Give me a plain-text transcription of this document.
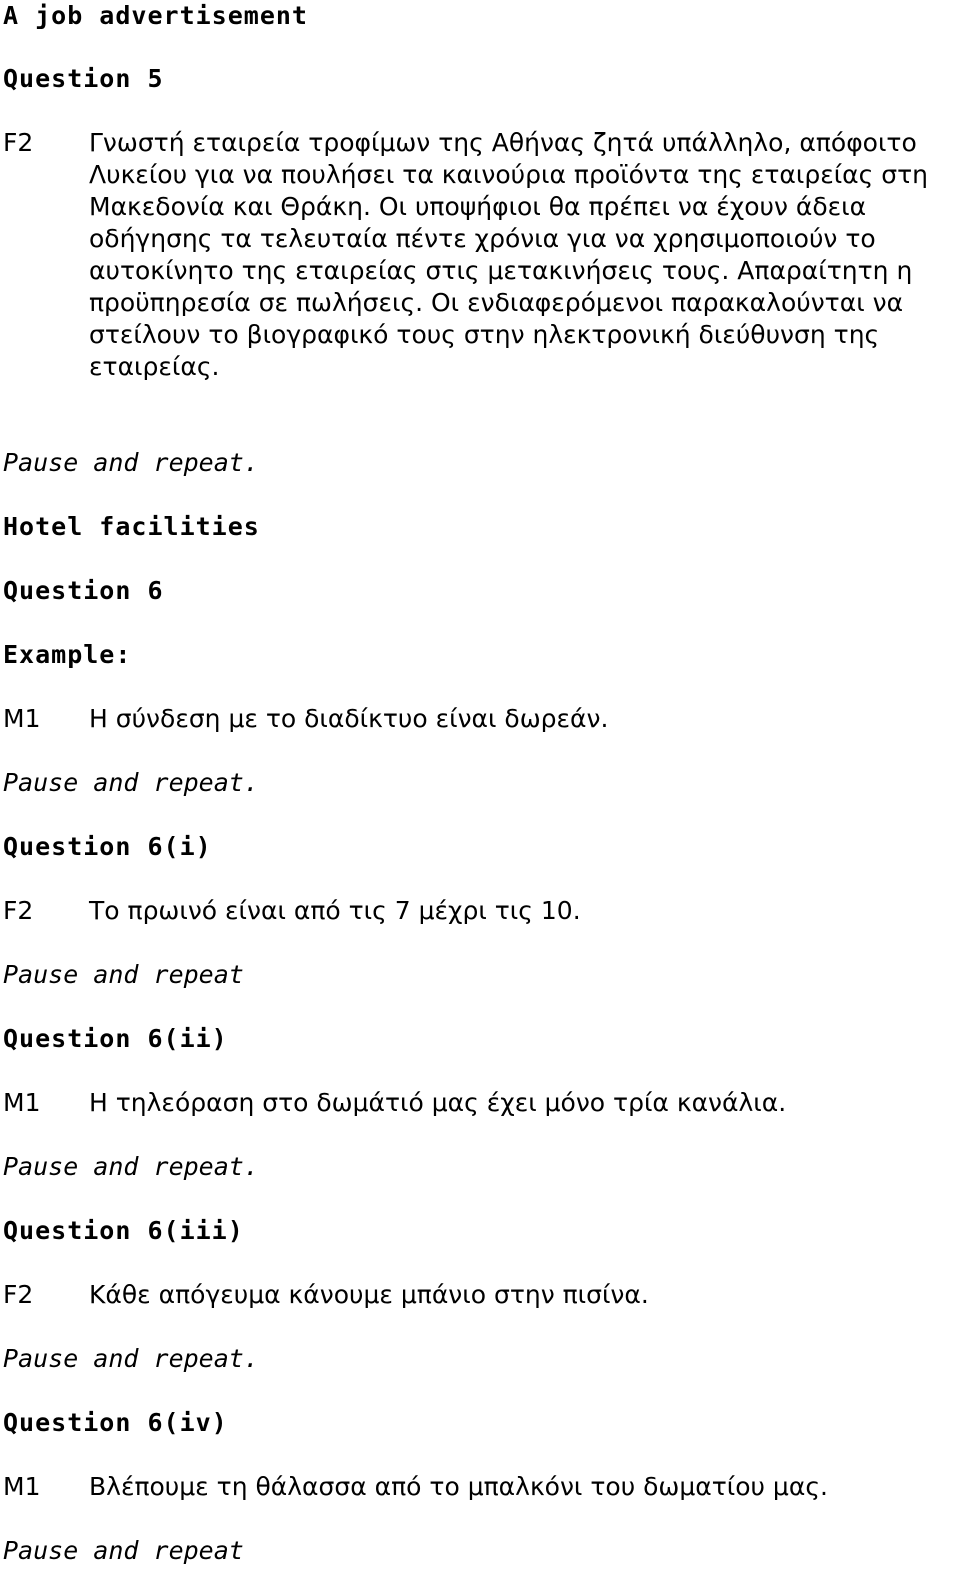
A job advertisement
Question 5
F2 Γνωστή εταιρεία τροφίμων της Αθήνας ζητά υπάλληλο, απόφοιτο
Λυκείου για να πουλήσει τα καινούρια προϊόντα της εταιρείας στη
Μακεδονία και Θράκη. Οι υποψήφιοι θα πρέπει να έχουν άδεια
οδήγησης τα τελευταία πέντε χρόνια για να χρησιμοποιούν το
αυτοκίνητο της εταιρείας στις μετακινήσεις τους. Απαραίτητη η
προϋπηρεσία σε πωλήσεις. Οι ενδιαφερόμενοι παρακαλούνται να
στείλουν το βιογραφικό τους στην ηλεκτρονική διεύθυνση της
εταιρείας.
Pause and repeat.
Hotel facilities
Question 6
Example:
M1 Η σύνδεση με το διαδίκτυο είναι δωρεάν.
Pause and repeat.
Question 6(i)
F2 Το πρωινό είναι από τις 7 μέχρι τις 10.
Pause and repeat
Question 6(ii)
M1 Η τηλεόραση στο δωμάτιό μας έχει μόνο τρία κανάλια.
Pause and repeat.
Question 6(iii)
F2 Κάθε απόγευμα κάνουμε μπάνιο στην πισίνα.
Pause and repeat.
Question 6(iv)
M1 Βλέπουμε τη θάλασσα από το μπαλκόνι του δωματίου μας.
Pause and repeat
